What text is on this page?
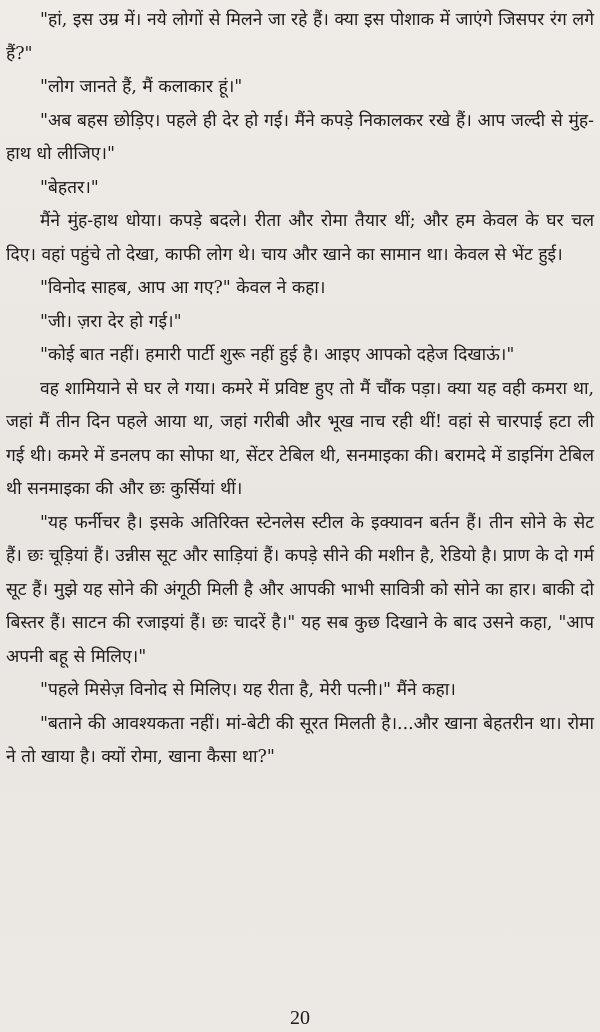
"हां, इस उम्र में। नये लोगों से मिलने जा रहे हैं। क्या इस पोशाक में जाएंगे जिसपर रंग लगे हैं?"

"लोग जानते हैं, मैं कलाकार हूं।"

"अब बहस छोड़िए। पहले ही देर हो गई। मैंने कपड़े निकालकर रखे हैं। आप जल्दी से मुंह-हाथ धो लीजिए।"

"बेहतर।"

मैंने मुंह-हाथ धोया। कपड़े बदले। रीता और रोमा तैयार थीं; और हम केवल के घर चल दिए। वहां पहुंचे तो देखा, काफी लोग थे। चाय और खाने का सामान था। केवल से भेंट हुई।

"विनोद साहब, आप आ गए?" केवल ने कहा।

"जी। ज़रा देर हो गई।"

"कोई बात नहीं। हमारी पार्टी शुरू नहीं हुई है। आइए आपको दहेज दिखाऊं।"

वह शामियाने से घर ले गया। कमरे में प्रविष्ट हुए तो मैं चौंक पड़ा। क्या यह वही कमरा था, जहां मैं तीन दिन पहले आया था, जहां गरीबी और भूख नाच रही थीं! वहां से चारपाई हटा ली गई थी। कमरे में डनलप का सोफा था, सेंटर टेबिल थी, सनमाइका की। बरामदे में डाइनिंग टेबिल थी सनमाइका की और छः कुर्सियां थीं।

"यह फर्नीचर है। इसके अतिरिक्त स्टेनलेस स्टील के इक्यावन बर्तन हैं। तीन सोने के सेट हैं। छः चूड़ियां हैं। उन्नीस सूट और साड़ियां हैं। कपड़े सीने की मशीन है, रेडियो है। प्राण के दो गर्म सूट हैं। मुझे यह सोने की अंगूठी मिली है और आपकी भाभी सावित्री को सोने का हार। बाकी दो बिस्तर हैं। साटन की रजाइयां हैं। छः चादरें है।" यह सब कुछ दिखाने के बाद उसने कहा, "आप अपनी बहू से मिलिए।"

"पहले मिसेज़ विनोद से मिलिए। यह रीता है, मेरी पत्नी।" मैंने कहा।

"बताने की आवश्यकता नहीं। मां-बेटी की सूरत मिलती है।...और खाना बेहतरीन था। रोमा ने तो खाया है। क्यों रोमा, खाना कैसा था?"

20
